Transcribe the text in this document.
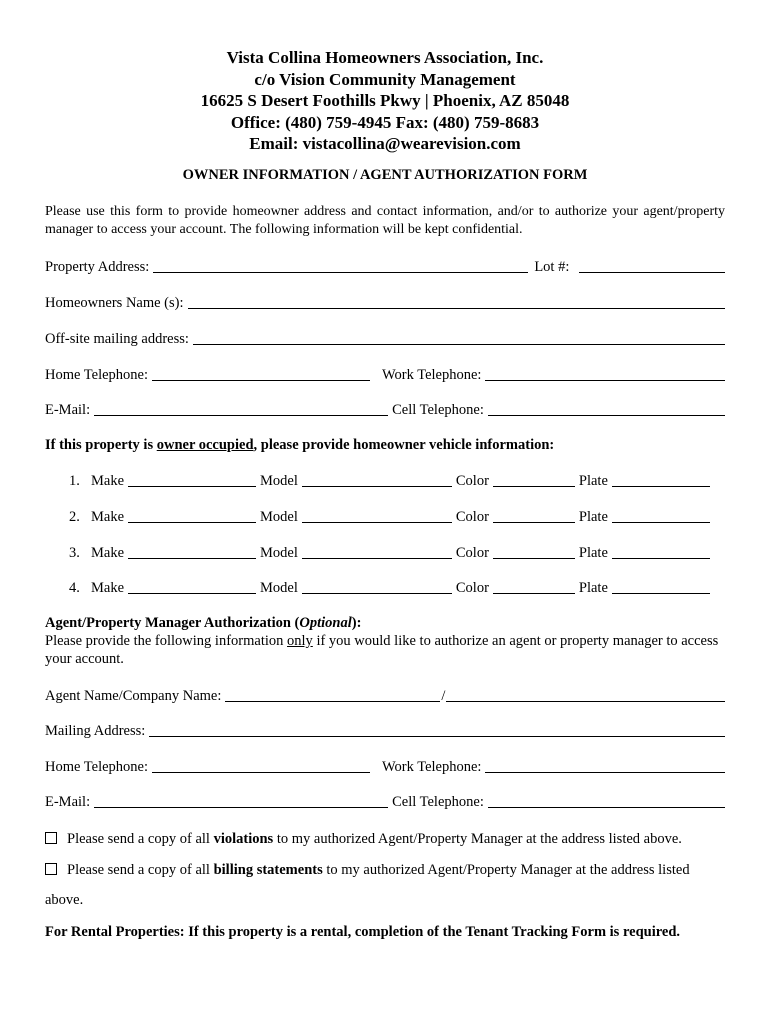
Vista Collina Homeowners Association, Inc.
c/o Vision Community Management
16625 S Desert Foothills Pkwy | Phoenix, AZ 85048
Office: (480) 759-4945 Fax: (480) 759-8683
Email: vistacollina@wearevision.com
OWNER INFORMATION / AGENT AUTHORIZATION FORM
Please use this form to provide homeowner address and contact information, and/or to authorize your agent/property manager to access your account. The following information will be kept confidential.
Property Address:	Lot #:
Homeowners Name (s):
Off-site mailing address:
Home Telephone:	Work Telephone:
E-Mail:	Cell Telephone:
If this property is owner occupied , please provide homeowner vehicle information:
1. Make	Model	Color	Plate
2. Make	Model	Color	Plate
3. Make	Model	Color	Plate
4. Make	Model	Color	Plate
Agent/Property Manager Authorization (Optional):
Please provide the following information only if you would like to authorize an agent or property manager to access your account.
Agent Name/Company Name:	/
Mailing Address:
Home Telephone:	Work Telephone:
E-Mail:	Cell Telephone:
Please send a copy of all violations to my authorized Agent/Property Manager at the address listed above.
Please send a copy of all billing statements to my authorized Agent/Property Manager at the address listed above.
For Rental Properties: If this property is a rental, completion of the Tenant Tracking Form is required.
